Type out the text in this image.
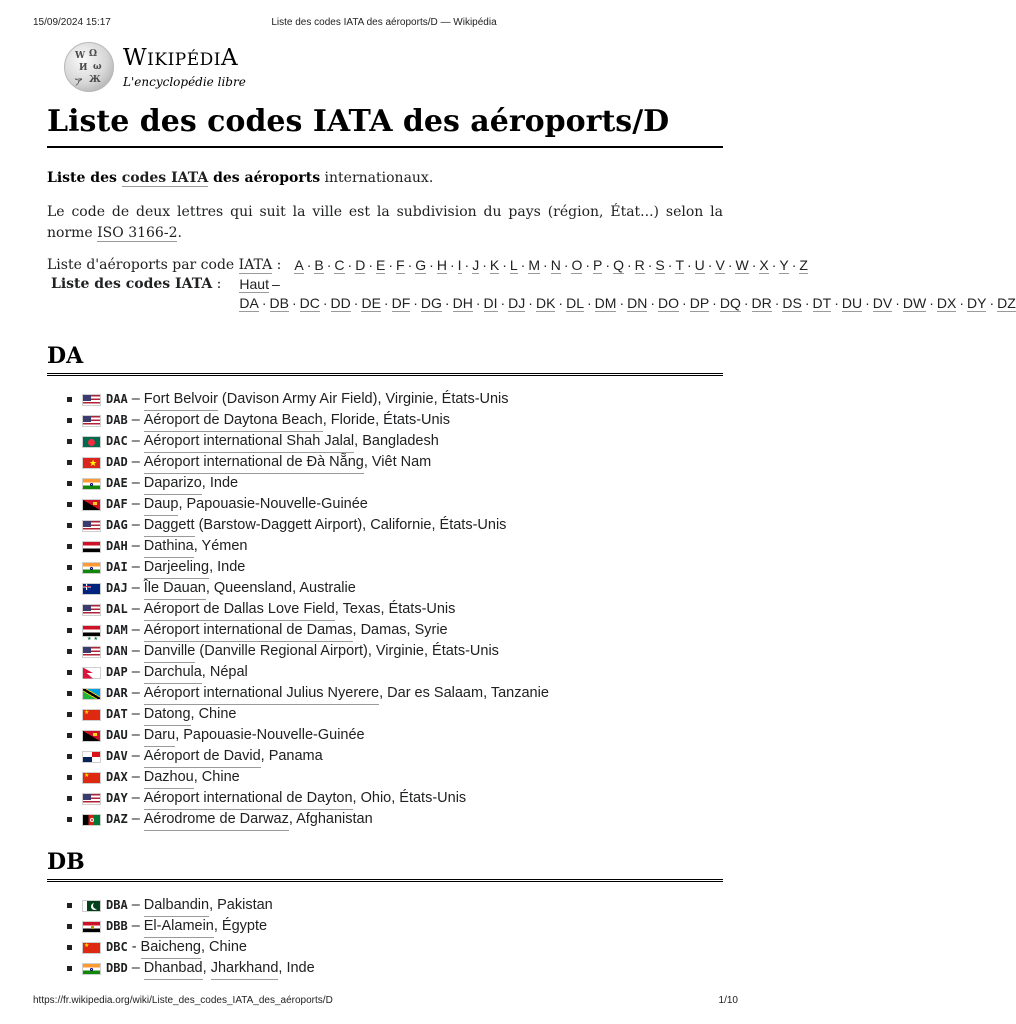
15/09/2024 15:17	Liste des codes IATA des aéroports/D — Wikipédia
W Ω
И ω
ア Ж
WIKIPÉDIA
L'encyclopédie libre
Liste des codes IATA des aéroports/D

Liste des codes IATA des aéroports internationaux.

Le code de deux lettres qui suit la ville est la subdivision du pays (région, État...) selon la norme ISO 3166-2.

Liste d'aéroports par code IATA : A · B · C · D · E · F · G · H · I · J · K · L · M · N · O · P · Q · R · S · T · U · V · W · X · Y · Z
Liste des codes IATA :	Haut –DA · DB · DC · DD · DE · DF · DG · DH · DI · DJ · DK · DL · DM · DN · DO · DP · DQ · DR · DS · DT · DU · DV · DW · DX · DY · DZ
DA
DAA – Fort Belvoir (Davison Army Air Field), Virginie, États-Unis
DAB – Aéroport de Daytona Beach , Floride, États-Unis
DAC – Aéroport international Shah Jalal , Bangladesh
★ DAD – Aéroport international de Đà Nẵng , Viêt Nam
DAE – Daparizo , Inde
DAF – Daup , Papouasie-Nouvelle-Guinée
DAG – Daggett (Barstow-Daggett Airport), Californie, États-Unis
DAH – Dathina , Yémen
DAI – Darjeeling , Inde
DAJ – Île Dauan , Queensland, Australie
DAL – Aéroport de Dallas Love Field , Texas, États-Unis
★★
DAM – Aéroport international de Damas , Damas, Syrie
DAN – Danville (Danville Regional Airport), Virginie, États-Unis
DAP – Darchula , Népal
DAR – Aéroport international Julius Nyerere , Dar es Salaam, Tanzanie
★ DAT – Datong , Chine
DAU – Daru , Papouasie-Nouvelle-Guinée
DAV – Aéroport de David , Panama
★ DAX – Dazhou , Chine
DAY – Aéroport international de Dayton , Ohio, États-Unis
DAZ – Aérodrome de Darwaz , Afghanistan
DB
DBA – Dalbandin , Pakistan
DBB – El-Alamein , Égypte
★ DBC - Baicheng , Chine
DBD – Dhanbad , Jharkhand , Inde
https://fr.wikipedia.org/wiki/Liste_des_codes_IATA_des_aéroports/D	1/10
